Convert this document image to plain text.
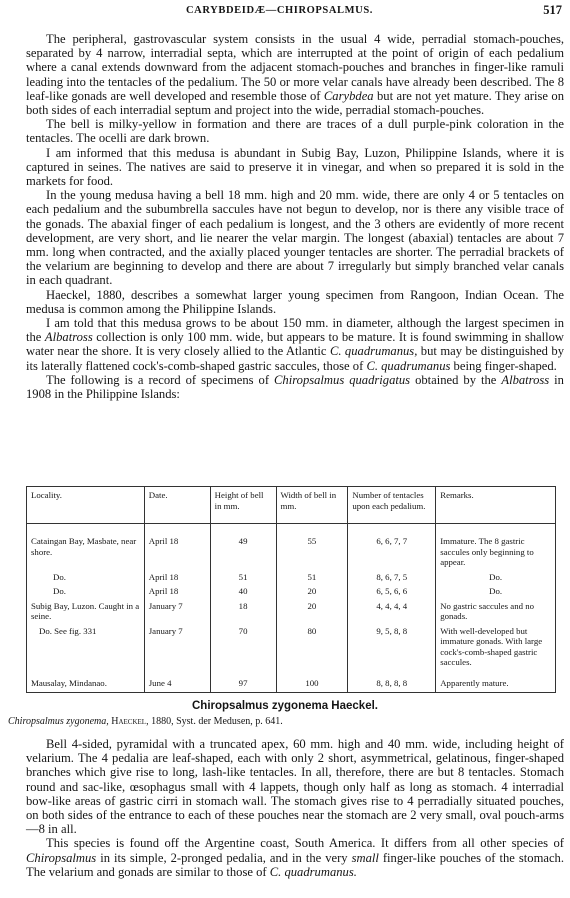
CARYBDEIDÆ—CHIROPSALMUS.	517

The peripheral, gastrovascular system consists in the usual 4 wide, perradial stomach-pouches, separated by 4 narrow, interradial septa, which are interrupted at the point of origin of each pedalium where a canal extends downward from the adjacent stomach-pouches and branches in finger-like ramuli leading into the tentacles of the pedalium. The 50 or more velar canals have already been described. The 8 leaf-like gonads are well developed and resemble those of Carybdea but are not yet mature. They arise on both sides of each interradial septum and project into the wide, perradial stomach-pouches.

The bell is milky-yellow in formation and there are traces of a dull purple-pink coloration in the tentacles. The ocelli are dark brown.

I am informed that this medusa is abundant in Subig Bay, Luzon, Philippine Islands, where it is captured in seines. The natives are said to preserve it in vinegar, and when so prepared it is sold in the markets for food.

In the young medusa having a bell 18 mm. high and 20 mm. wide, there are only 4 or 5 tentacles on each pedalium and the subumbrella saccules have not begun to develop, nor is there any visible trace of the gonads. The abaxial finger of each pedalium is longest, and the 3 others are evidently of more recent development, are very short, and lie nearer the velar margin. The longest (abaxial) tentacles are about 7 mm. long when contracted, and the axially placed younger tentacles are shorter. The perradial brackets of the velarium are beginning to develop and there are about 7 irregularly but simply branched velar canals in each quadrant.

Haeckel, 1880, describes a somewhat larger young specimen from Rangoon, Indian Ocean. The medusa is common among the Philippine Islands.

I am told that this medusa grows to be about 150 mm. in diameter, although the largest specimen in the Albatross collection is only 100 mm. wide, but appears to be mature. It is found swimming in shallow water near the shore. It is very closely allied to the Atlantic C. quadrumanus, but may be distinguished by its laterally flattened cock's-comb-shaped gastric saccules, those of C. quadrumanus being finger-shaped.

The following is a record of specimens of Chiropsalmus quadrigatus obtained by the Albatross in 1908 in the Philippine Islands:

Locality.	Date.	Height of bell in mm.	Width of bell in mm.	Number of tentacles upon each pedalium.	Remarks.
Cataingan Bay, Masbate, near shore.	April 18	49	55	6, 6, 7, 7	Immature. The 8 gastric saccules only beginning to appear.
Do.	April 18	51	51	8, 6, 7, 5	Do.
Do.	April 18	40	20	6, 5, 6, 6	Do.
Subig Bay, Luzon. Caught in a seine.	January 7	18	20	4, 4, 4, 4	No gastric saccules and no gonads.
Do. See fig. 331	January 7	70	80	9, 5, 8, 8	With well-developed but immature gonads. With large cock's-comb-shaped gastric saccules.
Mausalay, Mindanao.	June 4	97	100	8, 8, 8, 8	Apparently mature.
Chiropsalmus zygonema Haeckel.
Chiropsalmus zygonema, Haeckel, 1880, Syst. der Medusen, p. 641.

Bell 4-sided, pyramidal with a truncated apex, 60 mm. high and 40 mm. wide, including height of velarium. The 4 pedalia are leaf-shaped, each with only 2 short, asymmetrical, gelatinous, finger-shaped branches which give rise to long, lash-like tentacles. In all, therefore, there are but 8 tentacles. Stomach round and sac-like, œsophagus small with 4 lappets, though only half as long as stomach. 4 interradial bow-like areas of gastric cirri in stomach wall. The stomach gives rise to 4 perradially situated pouches, on both sides of the entrance to each of these pouches near the stomach are 2 very small, oval pouch-arms—8 in all.

This species is found off the Argentine coast, South America. It differs from all other species of Chiropsalmus in its simple, 2-pronged pedalia, and in the very small finger-like pouches of the stomach. The velarium and gonads are similar to those of C. quadrumanus.
